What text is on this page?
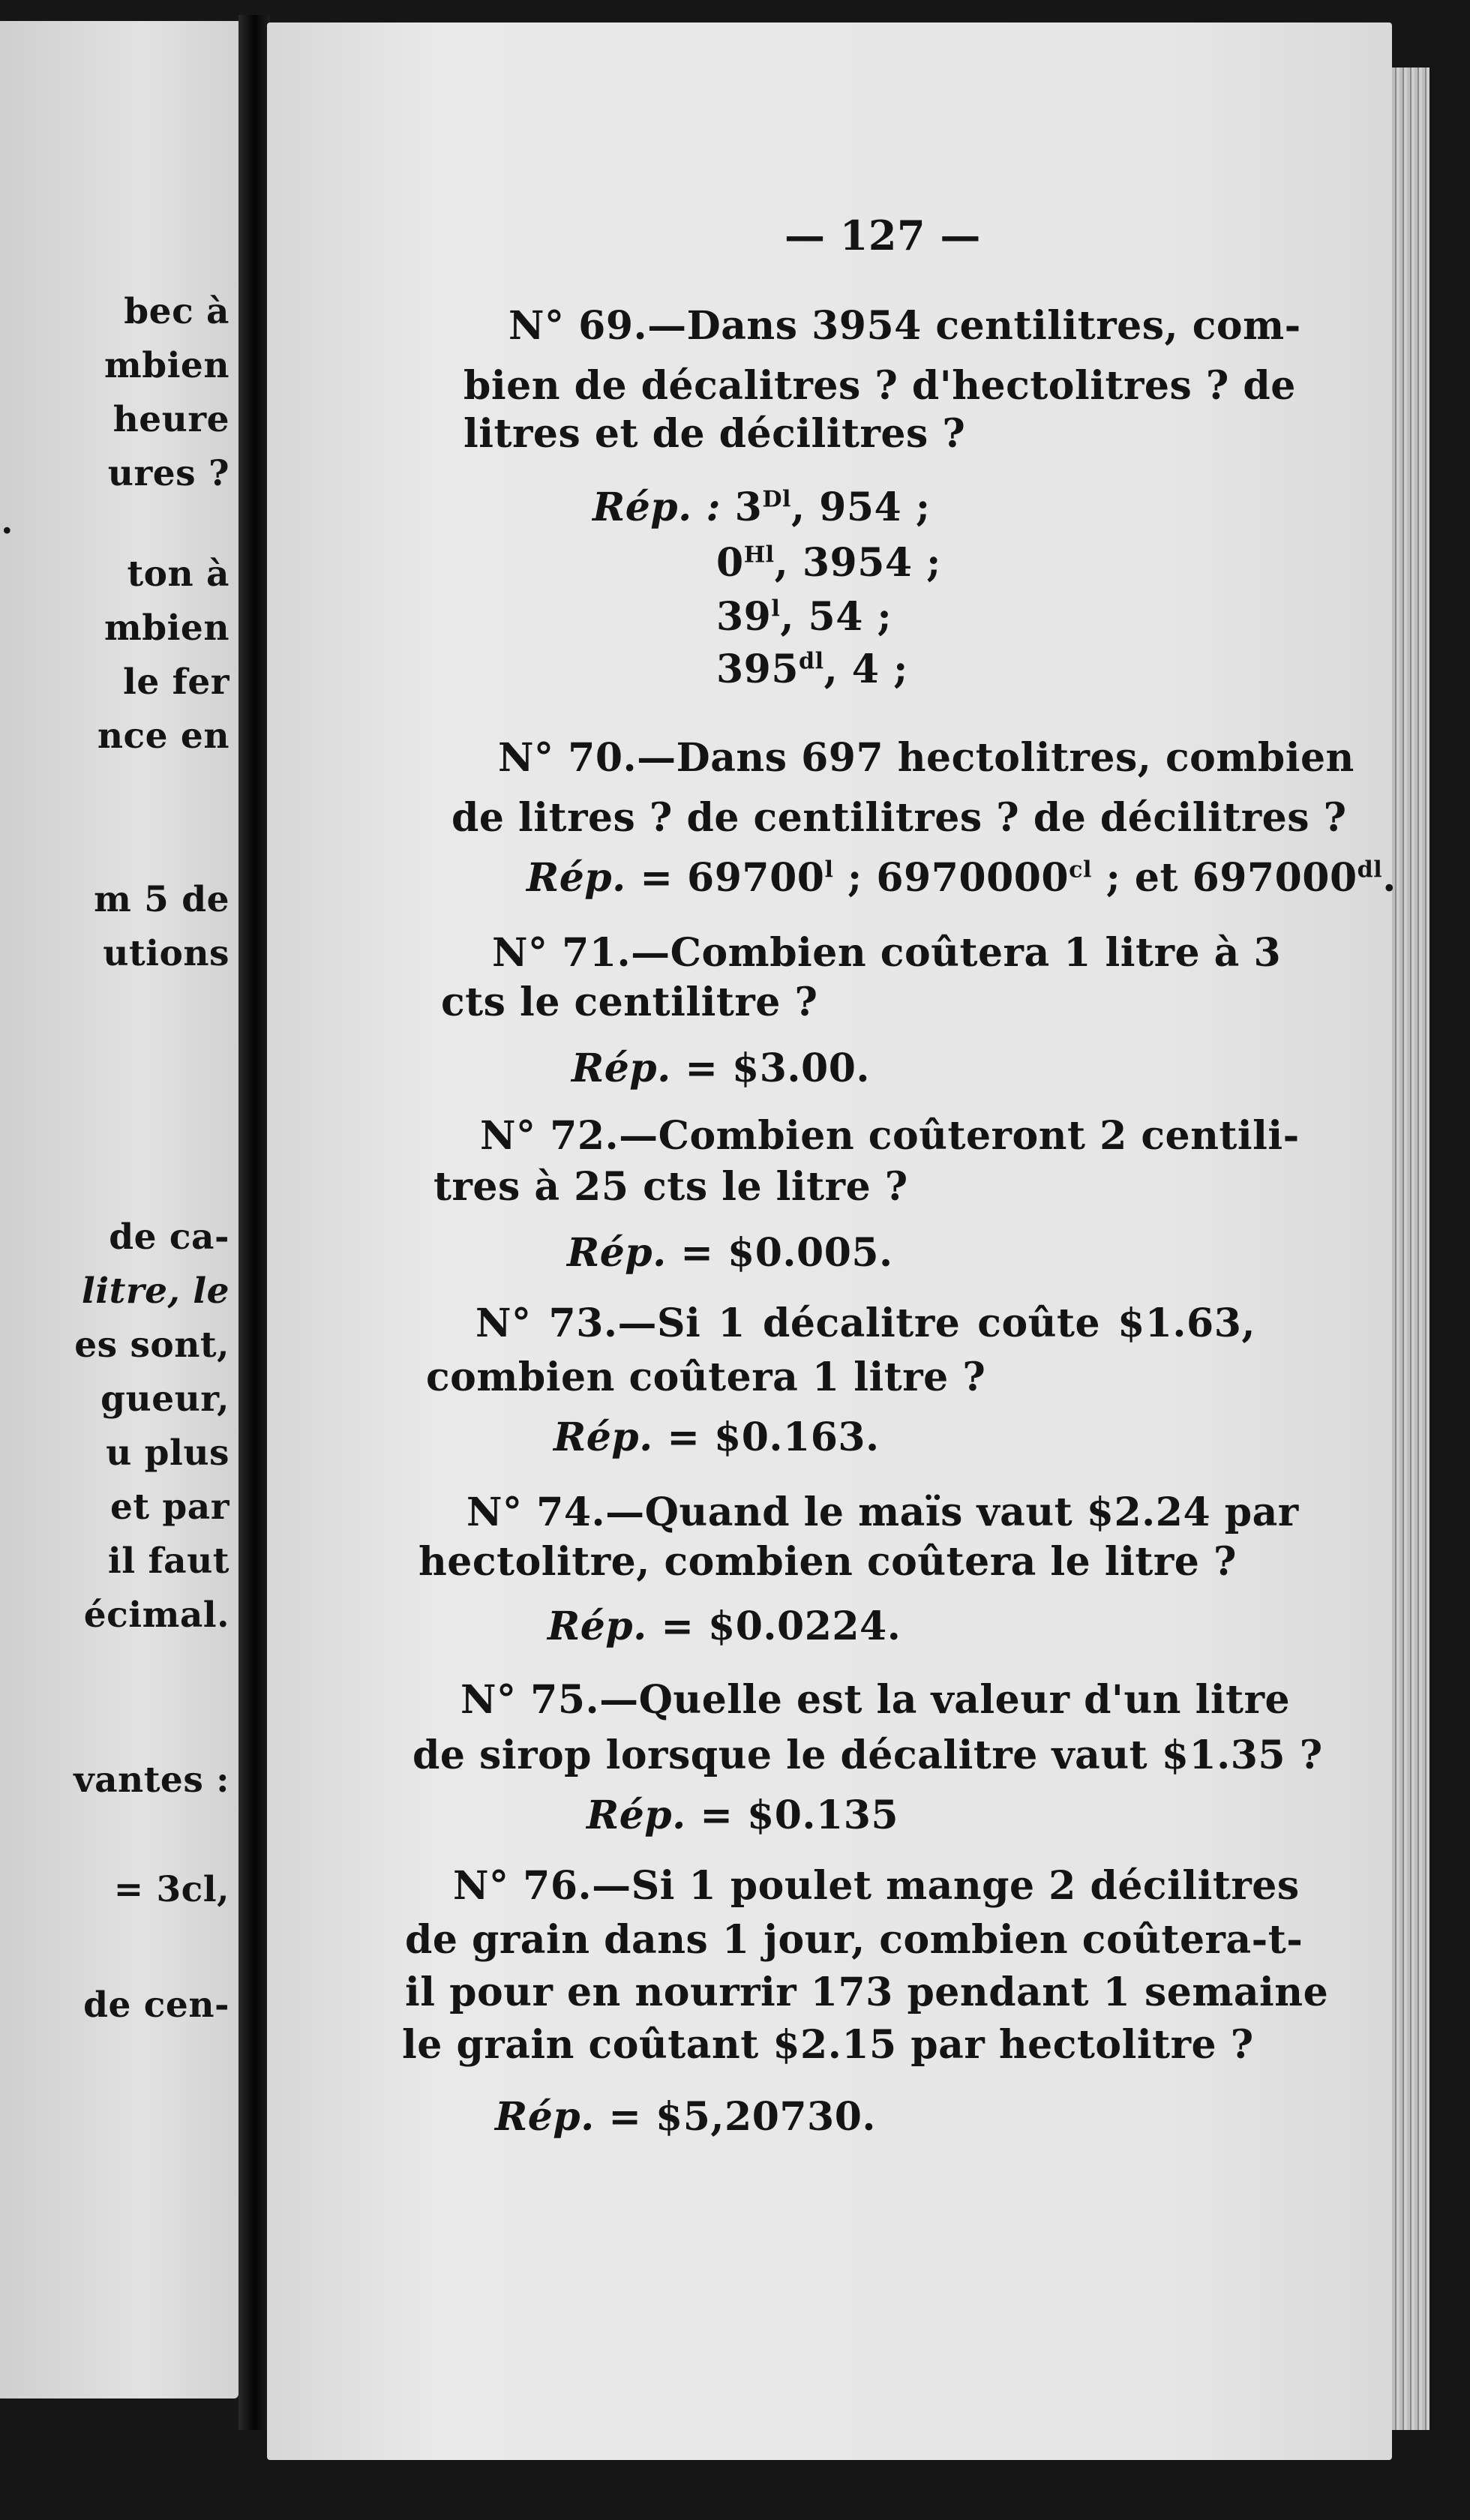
bec à
mbien
heure
ures ?
.
ton à
mbien
le fer
nce en
m 5 de
utions
de ca-
litre, le
es sont,
gueur,
u plus
et par
il faut
écimal.
vantes :
= 3cl,
de cen-
— 127 —
N° 69.—Dans 3954 centilitres, com-
bien de décalitres ? d'hectolitres ? de
litres et de décilitres ?
Rép. : $3^{Dl}$, 954 ;
$0^{Hl}$, 3954 ;
39$^l$, 54 ;
$395^{dl}$, 4 ;
N° 70.—Dans 697 hectolitres, combien
de litres ? de centilitres ? de décilitres ?
Rép. = $69700^l$ ; $6970000^{cl}$ ; et $697000^{dl}$.
N° 71.—Combien coûtera 1 litre à 3
cts le centilitre ?
Rép. = $3.00.
N° 72.—Combien coûteront 2 centili-
tres à 25 cts le litre ?
Rép. = $0.005.
N° 73.—Si 1 décalitre coûte $1.63,
combien coûtera 1 litre ?
Rép. = $0.163.
N° 74.—Quand le maïs vaut $2.24 par
hectolitre, combien coûtera le litre ?
Rép. = $0.0224.
N° 75.—Quelle est la valeur d'un litre
de sirop lorsque le décalitre vaut $1.35 ?
Rép. = $0.135
N° 76.—Si 1 poulet mange 2 décilitres
de grain dans 1 jour, combien coûtera-t-
il pour en nourrir 173 pendant 1 semaine
le grain coûtant $2.15 par hectolitre ?
Rép. = $5,20730.
